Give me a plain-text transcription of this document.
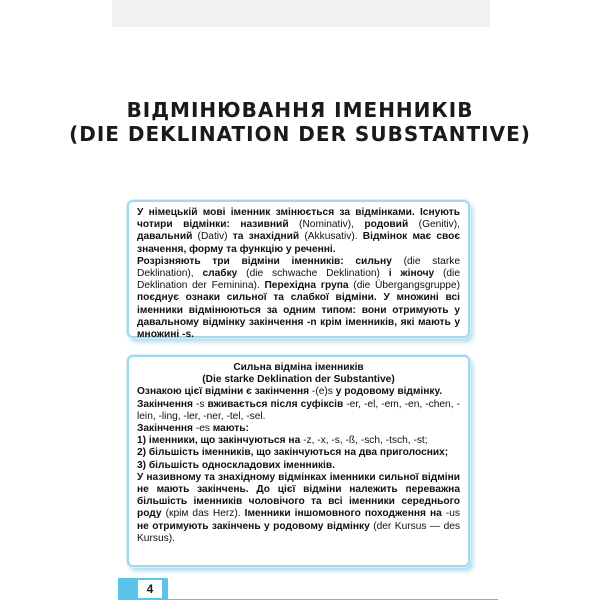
ВІДМІНЮВАННЯ ІМЕННИКІВ
(DIE DEKLINATION DER SUBSTANTIVE)

У німецькій мові іменник змінюється за відмінками. Існують чотири відмінки: називний (Nominativ), родовий (Genitiv), давальний (Dativ) та знахідний (Akkusativ). Відмінок має своє значення, форму та функцію у реченні.

Розрізняють три відміни іменників: сильну (die starke Deklination), слабку (die schwache Deklination) і жіночу (die Deklination der Feminina). Перехідна група (die Übergangsgruppe) поєднує ознаки сильної та слабкої відміни. У множині всі іменники відмінюються за одним типом: вони отримують у давальному відмінку закінчення -n крім іменників, які мають у множині -s.

Сильна відміна іменників

(Die starke Deklination der Substantive)

Ознакою цієї відміни є закінчення -(e)s у родовому відмінку.

Закінчення -s вживається після суфіксів -er, -el, -em, -en, -chen, -lein, -ling, -ler, -ner, -tel, -sel.

Закінчення -es мають:

1) іменники, що закінчуються на -z, -x, -s, -ß, -sch, -tsch, -st;

2) більшість іменників, що закінчуються на два приголосних;

3) більшість односкладових іменників.

У називному та знахідному відмінках іменники сильної відміни не мають закінчень. До цієї відміни належить переважна більшість іменників чоловічого та всі іменники середнього роду (крім das Herz). Іменники іншомовного походження на -us не отримують закінчень у родовому відмінку (der Kursus — des Kursus).

4
